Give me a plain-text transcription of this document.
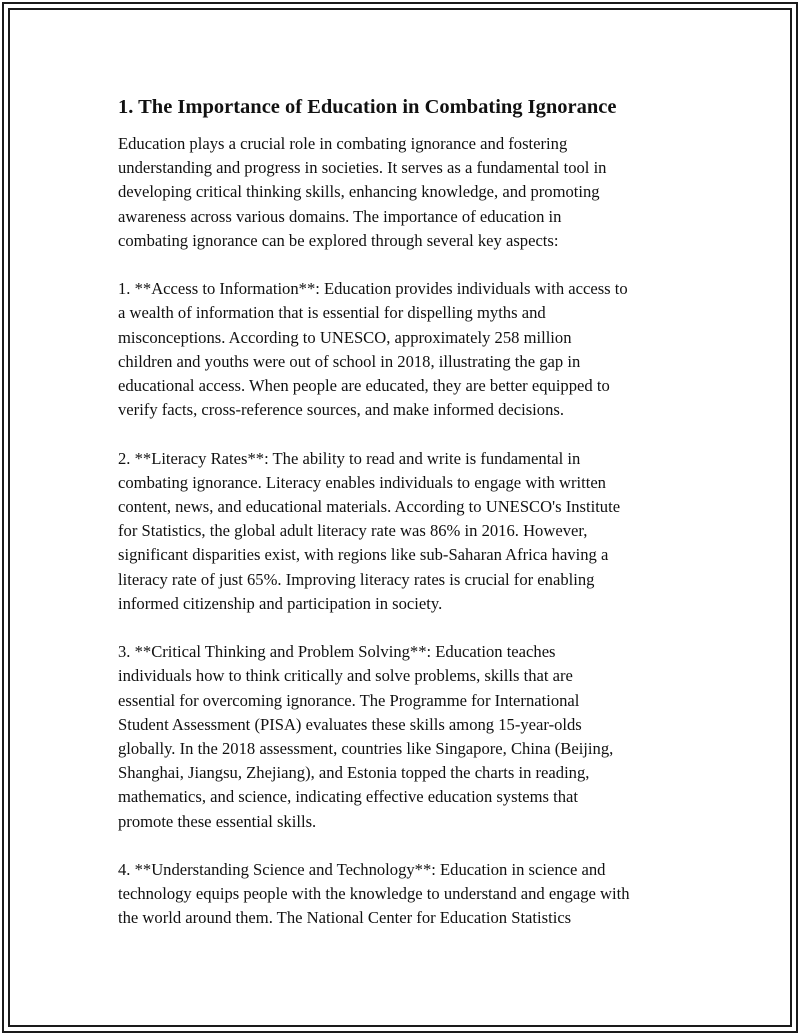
1. The Importance of Education in Combating Ignorance

Education plays a crucial role in combating ignorance and fostering
understanding and progress in societies. It serves as a fundamental tool in
developing critical thinking skills, enhancing knowledge, and promoting
awareness across various domains. The importance of education in
combating ignorance can be explored through several key aspects:

1. **Access to Information**: Education provides individuals with access to
a wealth of information that is essential for dispelling myths and
misconceptions. According to UNESCO, approximately 258 million
children and youths were out of school in 2018, illustrating the gap in
educational access. When people are educated, they are better equipped to
verify facts, cross-reference sources, and make informed decisions.

2. **Literacy Rates**: The ability to read and write is fundamental in
combating ignorance. Literacy enables individuals to engage with written
content, news, and educational materials. According to UNESCO's Institute
for Statistics, the global adult literacy rate was 86% in 2016. However,
significant disparities exist, with regions like sub-Saharan Africa having a
literacy rate of just 65%. Improving literacy rates is crucial for enabling
informed citizenship and participation in society.

3. **Critical Thinking and Problem Solving**: Education teaches
individuals how to think critically and solve problems, skills that are
essential for overcoming ignorance. The Programme for International
Student Assessment (PISA) evaluates these skills among 15-year-olds
globally. In the 2018 assessment, countries like Singapore, China (Beijing,
Shanghai, Jiangsu, Zhejiang), and Estonia topped the charts in reading,
mathematics, and science, indicating effective education systems that
promote these essential skills.

4. **Understanding Science and Technology**: Education in science and
technology equips people with the knowledge to understand and engage with
the world around them. The National Center for Education Statistics
